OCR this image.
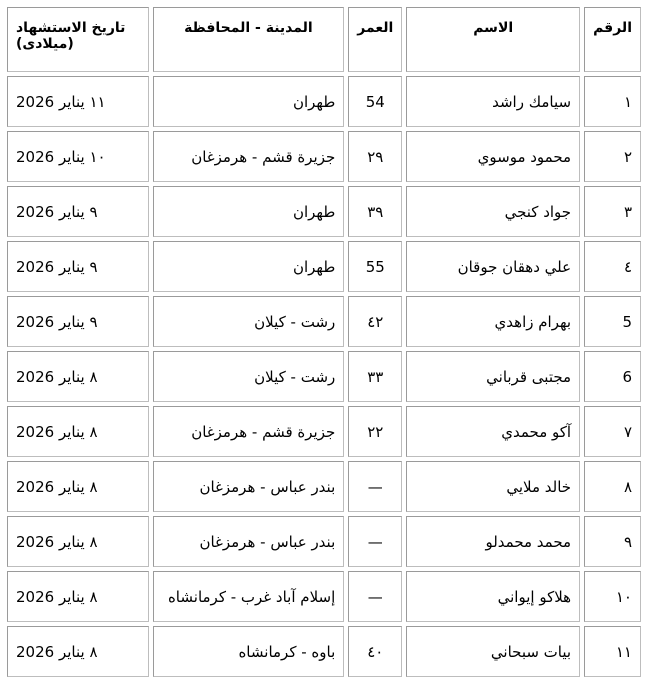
الرقم	الاسم	العمر	المدينة - المحافظة	تاريخ الاستشهاد (ميلادى)
١	سيامك راشد	54	طهران	١١ يناير 2026
٢	محمود موسوي	٢٩	جزيرة قشم - هرمزغان	١٠ يناير 2026
٣	جواد كنجي	٣٩	طهران	٩ يناير 2026
٤	علي دهقان جوقان	55	طهران	٩ يناير 2026
5	بهرام زاهدي	٤٢	رشت - كيلان	٩ يناير 2026
6	مجتبى قرباني	٣٣	رشت - كيلان	٨ يناير 2026
٧	آكو محمدي	٢٢	جزيرة قشم - هرمزغان	٨ يناير 2026
٨	خالد ملايي	—	بندر عباس - هرمزغان	٨ يناير 2026
٩	محمد محمدلو	—	بندر عباس - هرمزغان	٨ يناير 2026
١٠	هلاكو إيواني	—	إسلام آباد غرب - كرمانشاه	٨ يناير 2026
١١	بيات سبحاني	٤٠	باوه - كرمانشاه	٨ يناير 2026
